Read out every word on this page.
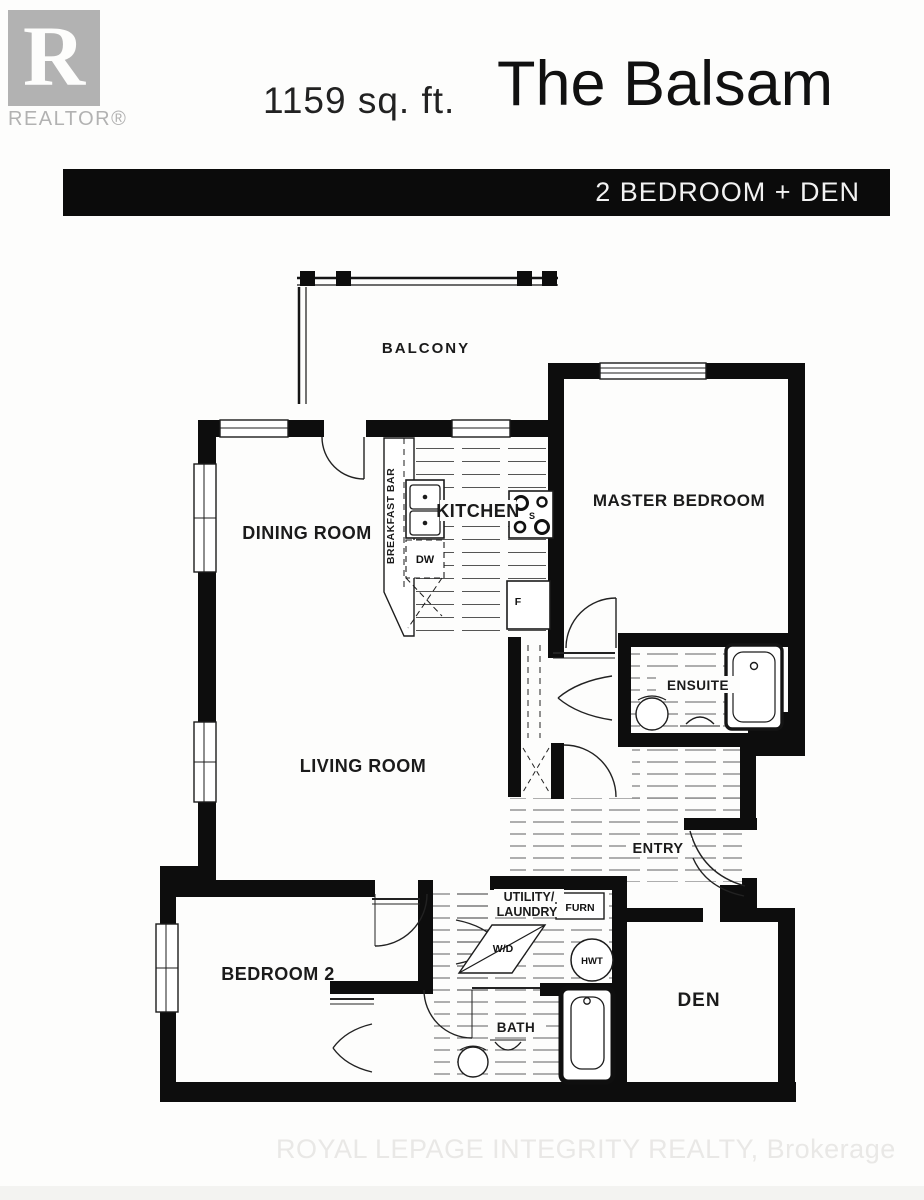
R
REALTOR®	1159 sq. ft. The Balsam
2 BEDROOM + DEN
DW
S
F
FURN
W/D
HWT
BALCONY
DINING ROOM
KITCHEN
BREAKFAST BAR	MASTER BEDROOM
ENSUITE
LIVING ROOM
ENTRY
UTILITY/
LAUNDRY
BEDROOM 2
BATH
DEN
ROYAL LEPAGE INTEGRITY REALTY, Brokerage
